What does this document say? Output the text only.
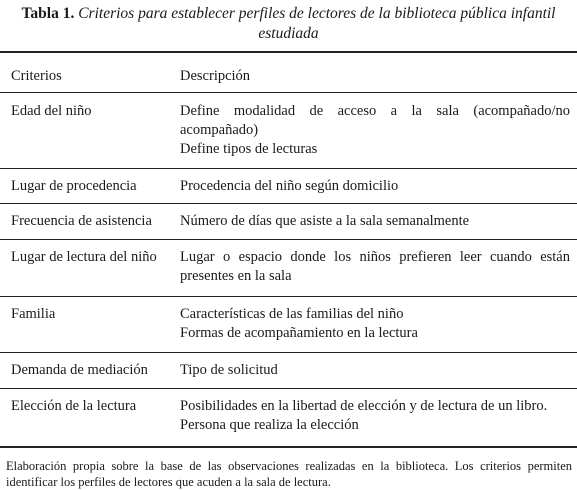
Tabla 1. Criterios para establecer perfiles de lectores de la biblioteca pública infantil estudiada
Criterios	Descripción
Edad del niño	Define modalidad de acceso a la sala (acompañado/no acompañado)
Define tipos de lecturas
Lugar de procedencia	Procedencia del niño según domicilio
Frecuencia de asistencia	Número de días que asiste a la sala semanalmente
Lugar de lectura del niño	Lugar o espacio donde los niños prefieren leer cuando están presentes en la sala
Familia	Características de las familias del niño
Formas de acompañamiento en la lectura
Demanda de mediación	Tipo de solicitud
Elección de la lectura	Posibilidades en la libertad de elección y de lectura de un libro.
Persona que realiza la elección
Elaboración propia sobre la base de las observaciones realizadas en la biblioteca. Los criterios permiten identificar los perfiles de lectores que acuden a la sala de lectura.
